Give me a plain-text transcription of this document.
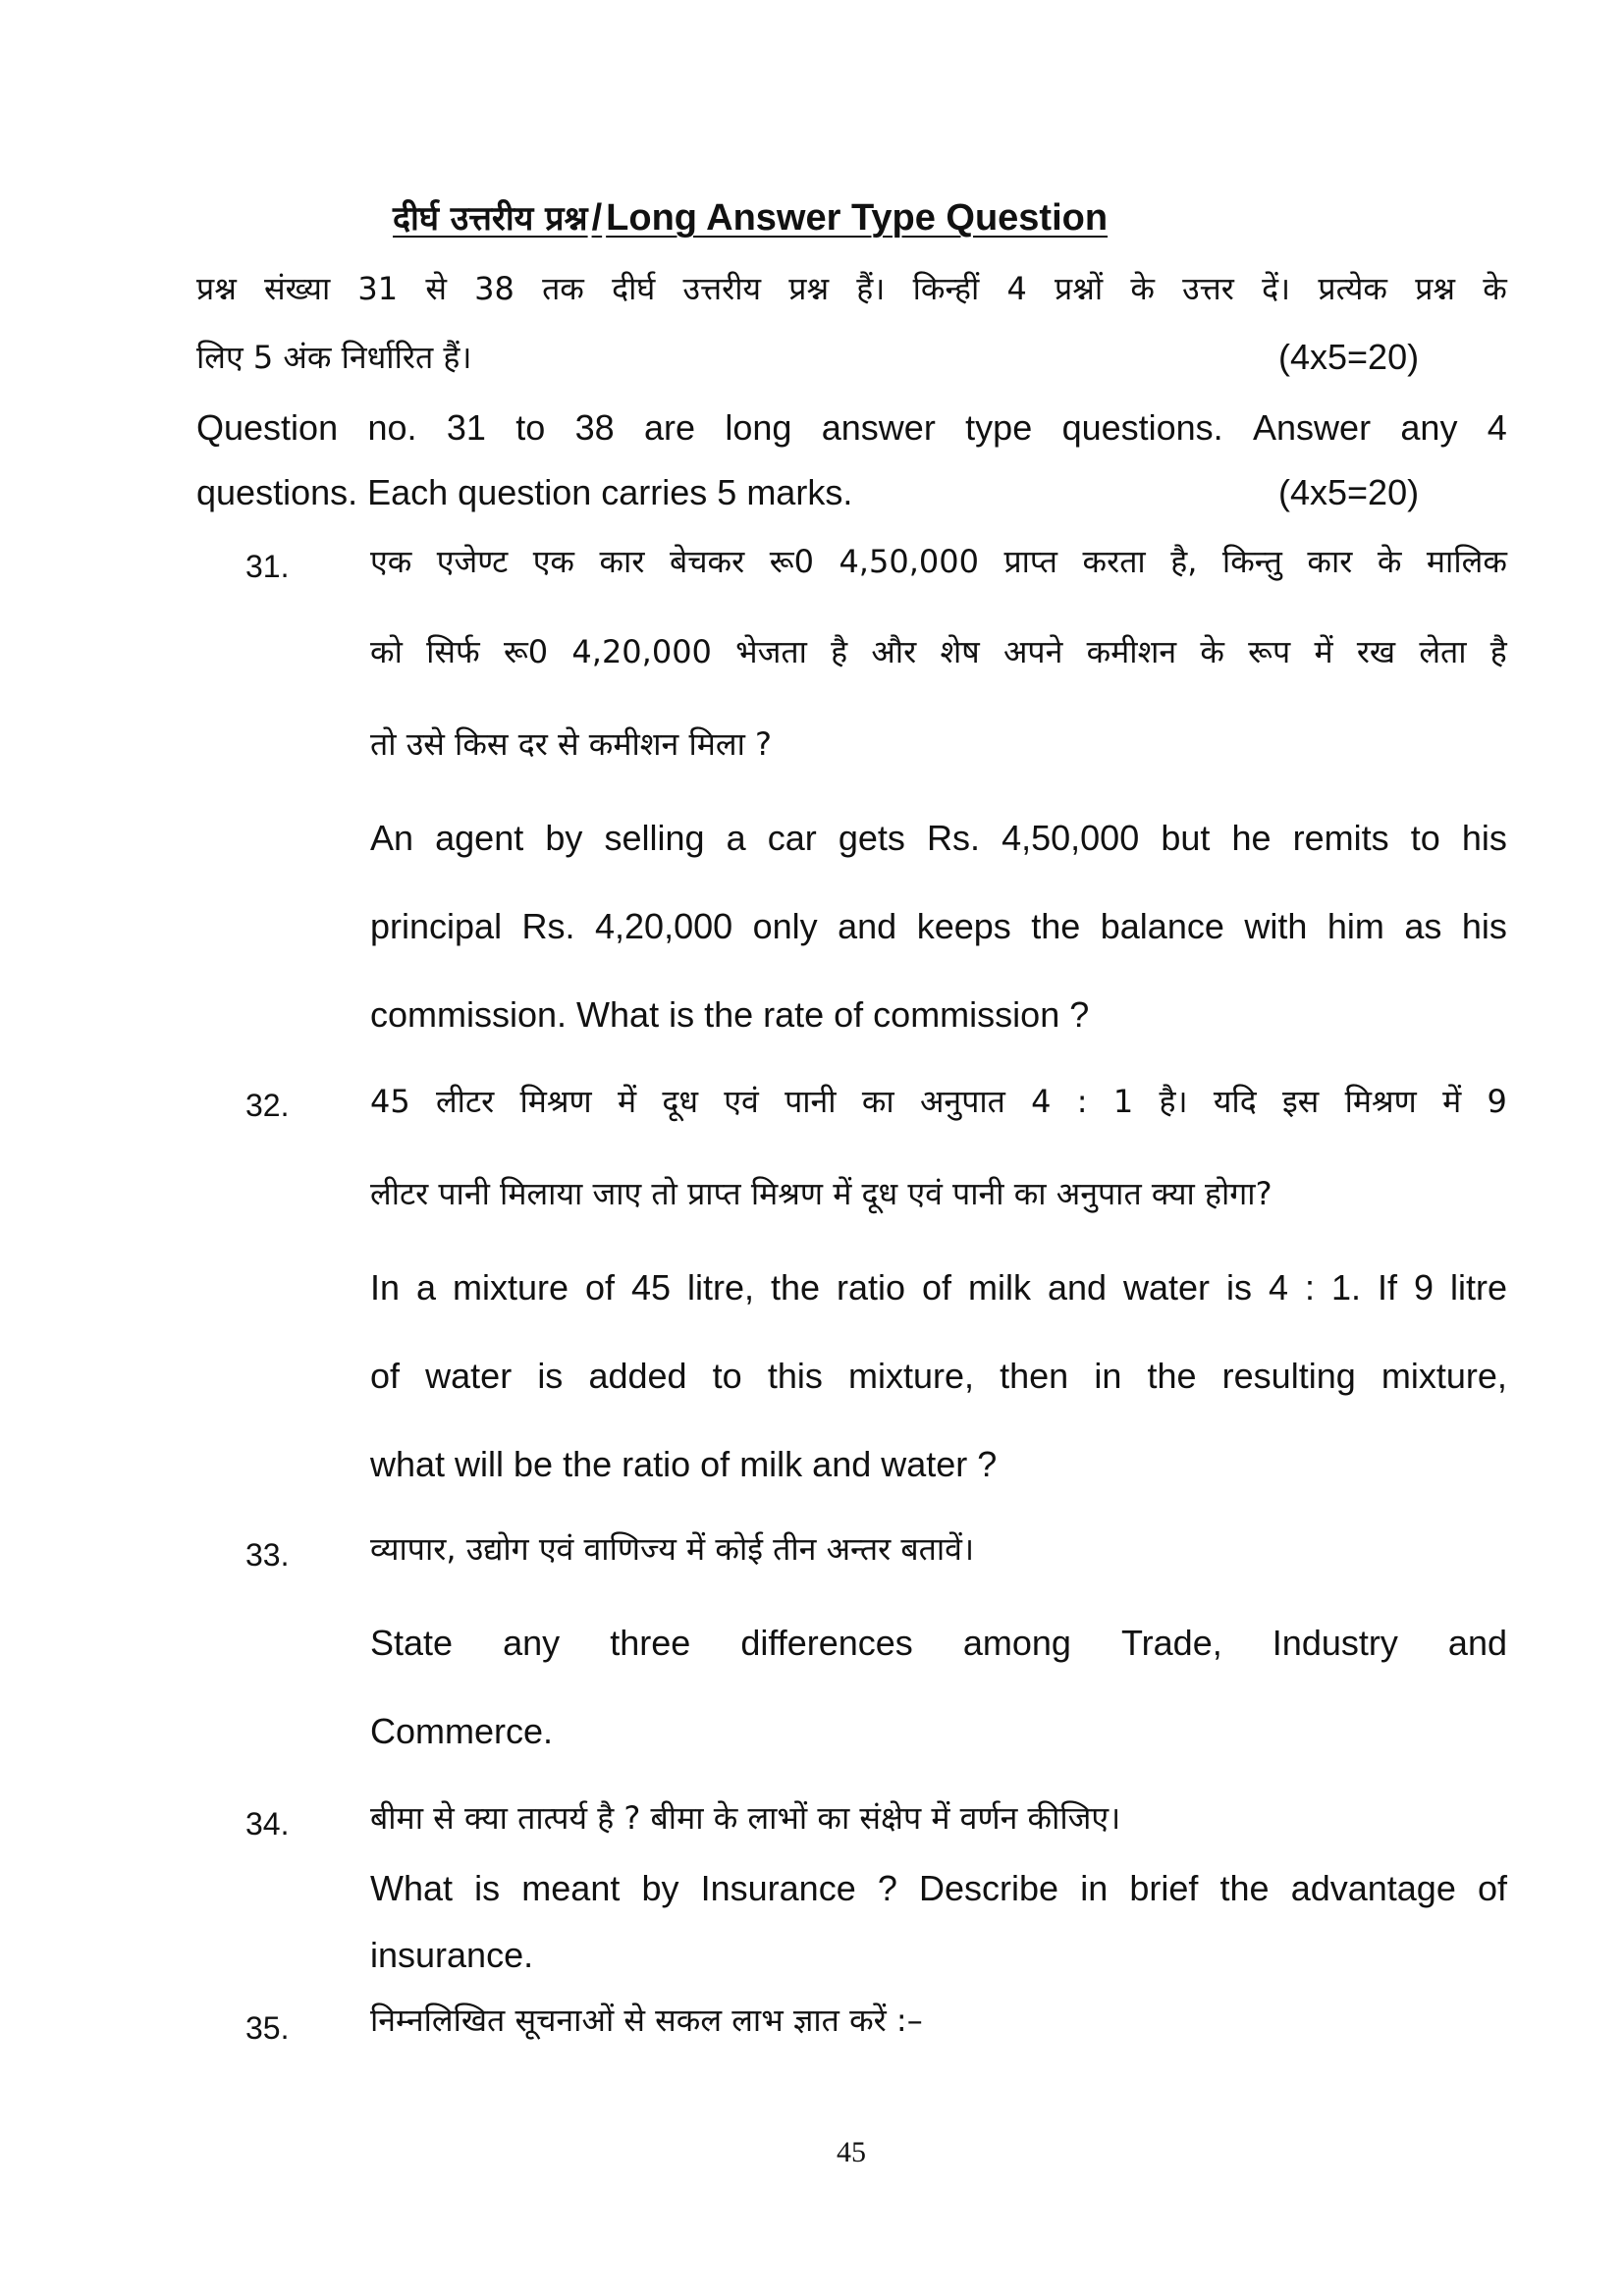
दीर्घ उत्तरीय प्रश्न / Long Answer Type Question
प्रश्न संख्या 31 से 38 तक दीर्घ उत्तरीय प्रश्न हैं। किन्हीं 4 प्रश्नों के उत्तर दें। प्रत्येक प्रश्न के
लिए 5 अंक निर्धारित हैं।	(4x5=20)
Question no. 31 to 38 are long answer type questions. Answer any 4
questions. Each question carries 5 marks.	(4x5=20)
31.	एक एजेण्ट एक कार बेचकर रू0 4,50,000 प्राप्त करता है, किन्तु कार के मालिक
को सिर्फ रू0 4,20,000 भेजता है और शेष अपने कमीशन के रूप में रख लेता है
तो उसे किस दर से कमीशन मिला ?
An agent by selling a car gets Rs. 4,50,000 but he remits to his
principal Rs. 4,20,000 only and keeps the balance with him as his
commission. What is the rate of commission ?
32.	45 लीटर मिश्रण में दूध एवं पानी का अनुपात 4 : 1 है। यदि इस मिश्रण में 9
लीटर पानी मिलाया जाए तो प्राप्त मिश्रण में दूध एवं पानी का अनुपात क्या होगा?
In a mixture of 45 litre, the ratio of milk and water is 4 : 1. If 9 litre
of water is added to this mixture, then in the resulting mixture,
what will be the ratio of milk and water ?
33.	व्यापार, उद्योग एवं वाणिज्य में कोई तीन अन्तर बतावें।
State any three differences among Trade, Industry and
Commerce.
34.	बीमा से क्या तात्पर्य है ? बीमा के लाभों का संक्षेप में वर्णन कीजिए।
What is meant by Insurance ? Describe in brief the advantage of
insurance.
35.	निम्नलिखित सूचनाओं से सकल लाभ ज्ञात करें :–
45
